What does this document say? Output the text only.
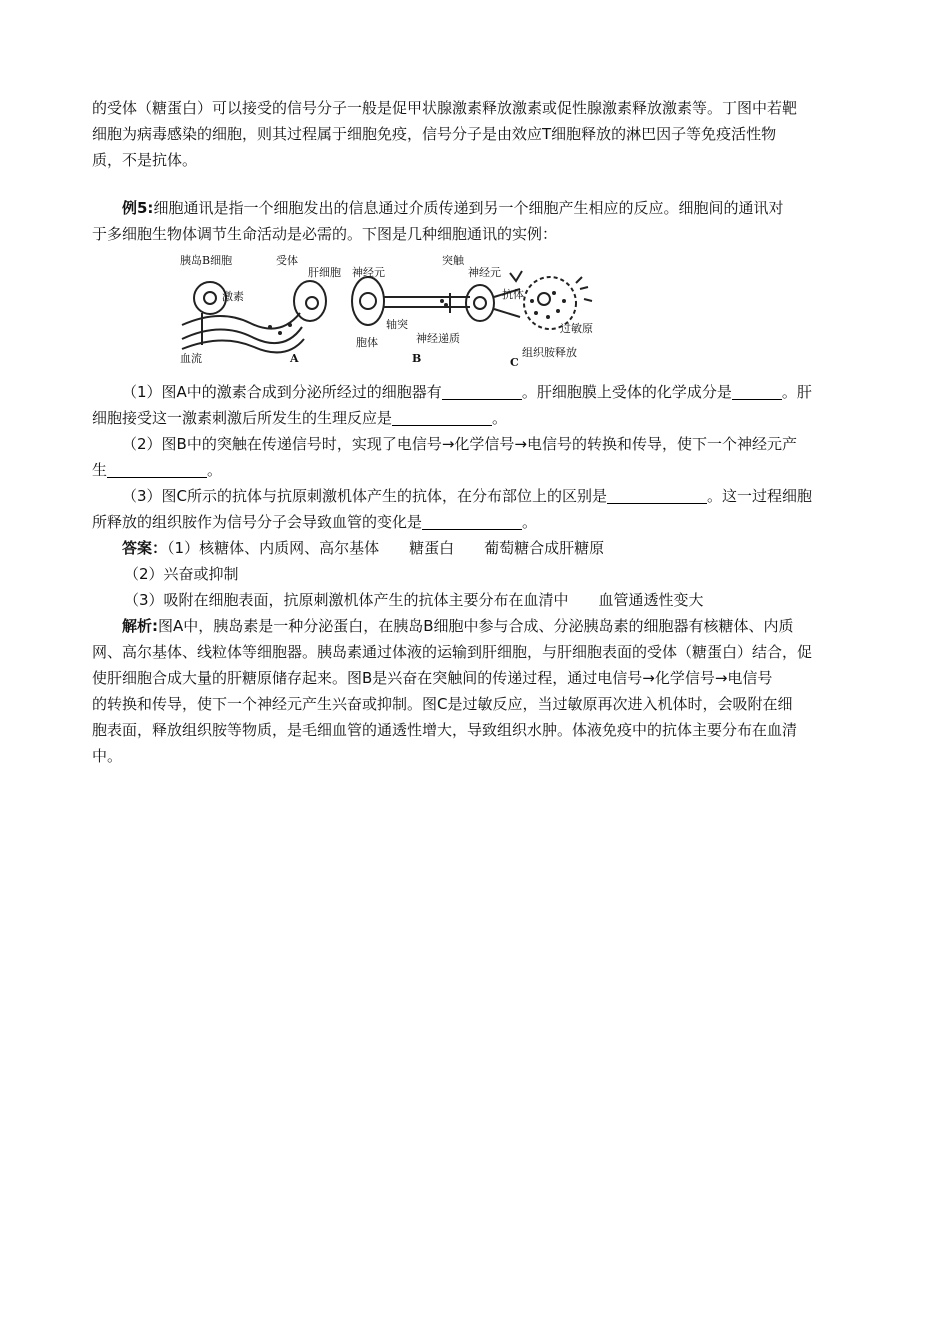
的受体（糖蛋白）可以接受的信号分子一般是促甲状腺激素释放激素或促性腺激素释放激素等。丁图中若靶

细胞为病毒感染的细胞，则其过程属于细胞免疫，信号分子是由效应T细胞释放的淋巴因子等免疫活性物

质，不是抗体。

例5:细胞通讯是指一个细胞发出的信息通过介质传递到另一个细胞产生相应的反应。细胞间的通讯对

于多细胞生物体调节生命活动是必需的。下图是几种细胞通讯的实例：

胰岛B细胞	受体
激素
肝细胞
血流	A
神经元
突触
神经元
胞体
轴突
神经递质
B
抗体
过敏原
组织胺释放
C

（1）图A中的激素合成到分泌所经过的细胞器有	。肝细胞膜上受体的化学成分是	。肝

细胞接受这一激素刺激后所发生的生理反应是	。

（2）图B中的突触在传递信号时，实现了电信号→化学信号→电信号的转换和传导，使下一个神经元产

生	。

（3）图C所示的抗体与抗原刺激机体产生的抗体，在分布部位上的区别是	。这一过程细胞

所释放的组织胺作为信号分子会导致血管的变化是	。

答案：（1）核糖体、内质网、高尔基体　　糖蛋白　　葡萄糖合成肝糖原

（2）兴奋或抑制

（3）吸附在细胞表面，抗原刺激机体产生的抗体主要分布在血清中　　血管通透性变大

解析:图A中，胰岛素是一种分泌蛋白，在胰岛B细胞中参与合成、分泌胰岛素的细胞器有核糖体、内质

网、高尔基体、线粒体等细胞器。胰岛素通过体液的运输到肝细胞，与肝细胞表面的受体（糖蛋白）结合，促

使肝细胞合成大量的肝糖原储存起来。图B是兴奋在突触间的传递过程，通过电信号→化学信号→电信号

的转换和传导，使下一个神经元产生兴奋或抑制。图C是过敏反应，当过敏原再次进入机体时，会吸附在细

胞表面，释放组织胺等物质，是毛细血管的通透性增大，导致组织水肿。体液免疫中的抗体主要分布在血清

中。
